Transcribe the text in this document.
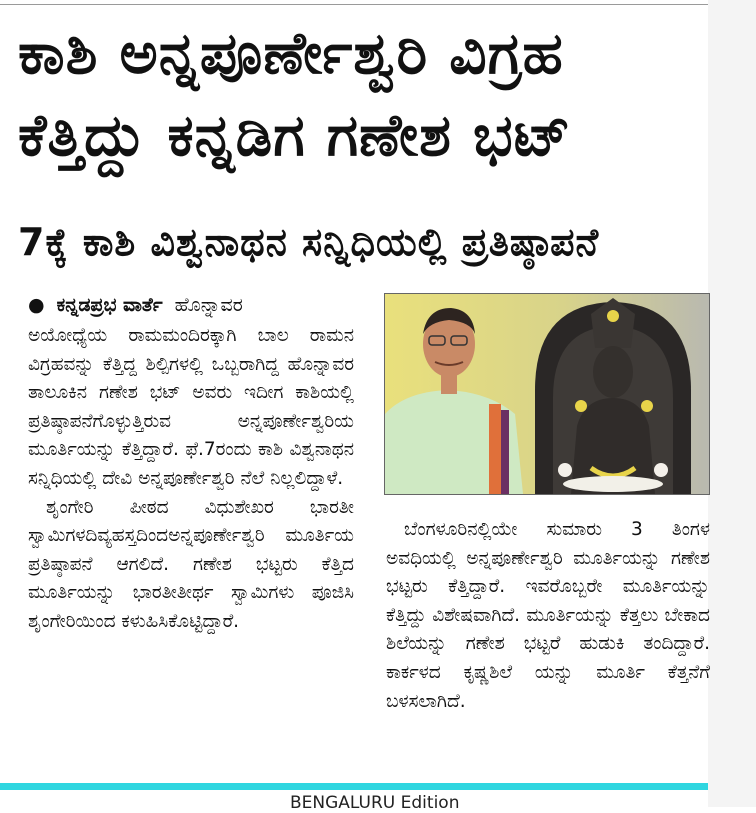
ಕಾಶಿ ಅನ್ನಪೂರ್ಣೇಶ್ವರಿ ವಿಗ್ರಹ
ಕೆತ್ತಿದ್ದು ಕನ್ನಡಿಗ ಗಣೇಶ ಭಟ್
7ಕ್ಕೆ ಕಾಶಿ ವಿಶ್ವನಾಥನ ಸನ್ನಿಧಿಯಲ್ಲಿ ಪ್ರತಿಷ್ಠಾಪನೆ
● ಕನ್ನಡಪ್ರಭ ವಾರ್ತೆ ಹೊನ್ನಾವರ

ಅಯೋಧ್ಯೆಯ ರಾಮಮಂದಿರಕ್ಕಾಗಿ ಬಾಲ ರಾಮನ ವಿಗ್ರಹವನ್ನು ಕೆತ್ತಿದ್ದ ಶಿಲ್ಪಿಗಳಲ್ಲಿ ಒಬ್ಬರಾಗಿದ್ದ ಹೊನ್ನಾವರ ತಾಲೂಕಿನ ಗಣೇಶ ಭಟ್ ಅವರು ಇದೀಗ ಕಾಶಿಯಲ್ಲಿ ಪ್ರತಿಷ್ಠಾಪನೆಗೊಳ್ಳುತ್ತಿರುವ ಅನ್ನಪೂರ್ಣೇಶ್ವರಿಯ ಮೂರ್ತಿಯನ್ನು ಕೆತ್ತಿದ್ದಾರೆ. ಫೆ.7ರಂದು ಕಾಶಿ ವಿಶ್ವನಾಥನ ಸನ್ನಿಧಿಯಲ್ಲಿ ದೇವಿ ಅನ್ನಪೂರ್ಣೇಶ್ವರಿ ನೆಲೆ ನಿಲ್ಲಲಿದ್ದಾಳೆ.

ಶೃಂಗೇರಿ ಪೀಠದ ವಿಧುಶೇಖರ ಭಾರತೀ ಸ್ವಾಮಿಗಳದಿವ್ಯಹಸ್ತದಿಂದಅನ್ನಪೂರ್ಣೇಶ್ವರಿ ಮೂರ್ತಿಯ ಪ್ರತಿಷ್ಠಾಪನೆ ಆಗಲಿದೆ. ಗಣೇಶ ಭಟ್ಟರು ಕೆತ್ತಿದ ಮೂರ್ತಿಯನ್ನು ಭಾರತೀತೀರ್ಥ ಸ್ವಾಮಿಗಳು ಪೂಜಿಸಿ ಶೃಂಗೇರಿಯಿಂದ ಕಳುಹಿಸಿಕೊಟ್ಟಿದ್ದಾರೆ.

ಬೆಂಗಳೂರಿನಲ್ಲಿಯೇ ಸುಮಾರು 3 ತಿಂಗಳ ಅವಧಿಯಲ್ಲಿ ಅನ್ನಪೂರ್ಣೇಶ್ವರಿ ಮೂರ್ತಿಯನ್ನು ಗಣೇಶ ಭಟ್ಟರು ಕೆತ್ತಿದ್ದಾರೆ. ಇವರೊಬ್ಬರೇ ಮೂರ್ತಿಯನ್ನು ಕೆತ್ತಿದ್ದು ವಿಶೇಷವಾಗಿದೆ. ಮೂರ್ತಿಯನ್ನು ಕೆತ್ತಲು ಬೇಕಾದ ಶಿಲೆಯನ್ನು ಗಣೇಶ ಭಟ್ಟರೆ ಹುಡುಕಿ ತಂದಿದ್ದಾರೆ. ಕಾರ್ಕಳದ ಕೃಷ್ಣಶಿಲೆ ಯನ್ನು ಮೂರ್ತಿ ಕೆತ್ತನೆಗೆ ಬಳಸಲಾಗಿದೆ.

BENGALURU Edition
